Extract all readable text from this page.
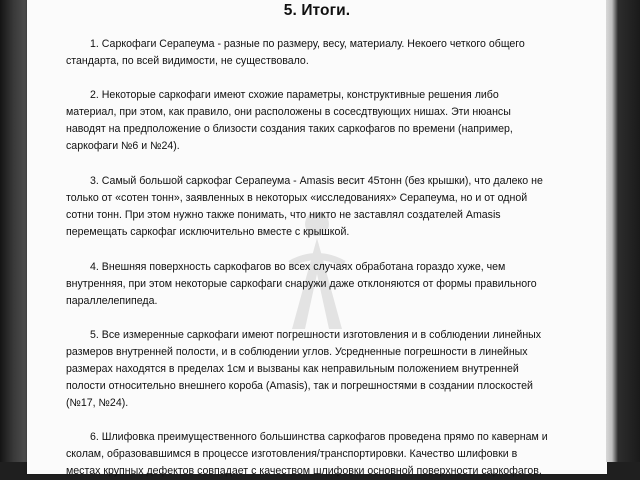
5. Итоги.
1. Саркофаги Серапеума - разные по размеру, весу, материалу. Некоего четкого общего
стандарта, по всей видимости, не существовало.
2. Некоторые саркофаги имеют схожие параметры, конструктивные решения либо
материал, при этом, как правило, они расположены в сосесдтвующих нишах. Эти нюансы
наводят на предположение о близости создания таких саркофагов по времени (например,
саркофаги №6 и №24).
3. Самый большой саркофаг Серапеума - Amasis весит 45тонн (без крышки), что далеко не
только от «сотен тонн», заявленных в некоторых «исследованиях» Серапеума, но и от одной
сотни тонн. При этом нужно также понимать, что никто не заставлял создателей Amasis
перемещать саркофаг исключительно вместе с крышкой.
4. Внешняя поверхность саркофагов во всех случаях обработана гораздо хуже, чем
внутренняя, при этом некоторые саркофаги снаружи даже отклоняются от формы правильного
параллелепипеда.
5. Все измеренные саркофаги имеют погрешности изготовления и в соблюдении линейных
размеров внутренней полости, и в соблюдении углов. Усредненные погрешности в линейных
размерах находятся в пределах 1см и вызваны как неправильным положением внутренней
полости относительно внешнего короба (Amasis), так и погрешностями в создании плоскостей
(№17, №24).
6. Шлифовка преимущественного большинства саркофагов проведена прямо по кавернам и
сколам, образовавшимся в процессе изготовления/транспортировки. Качество шлифовки в
местах крупных дефектов совпадает с качеством шлифовки основной поверхности саркофагов,
